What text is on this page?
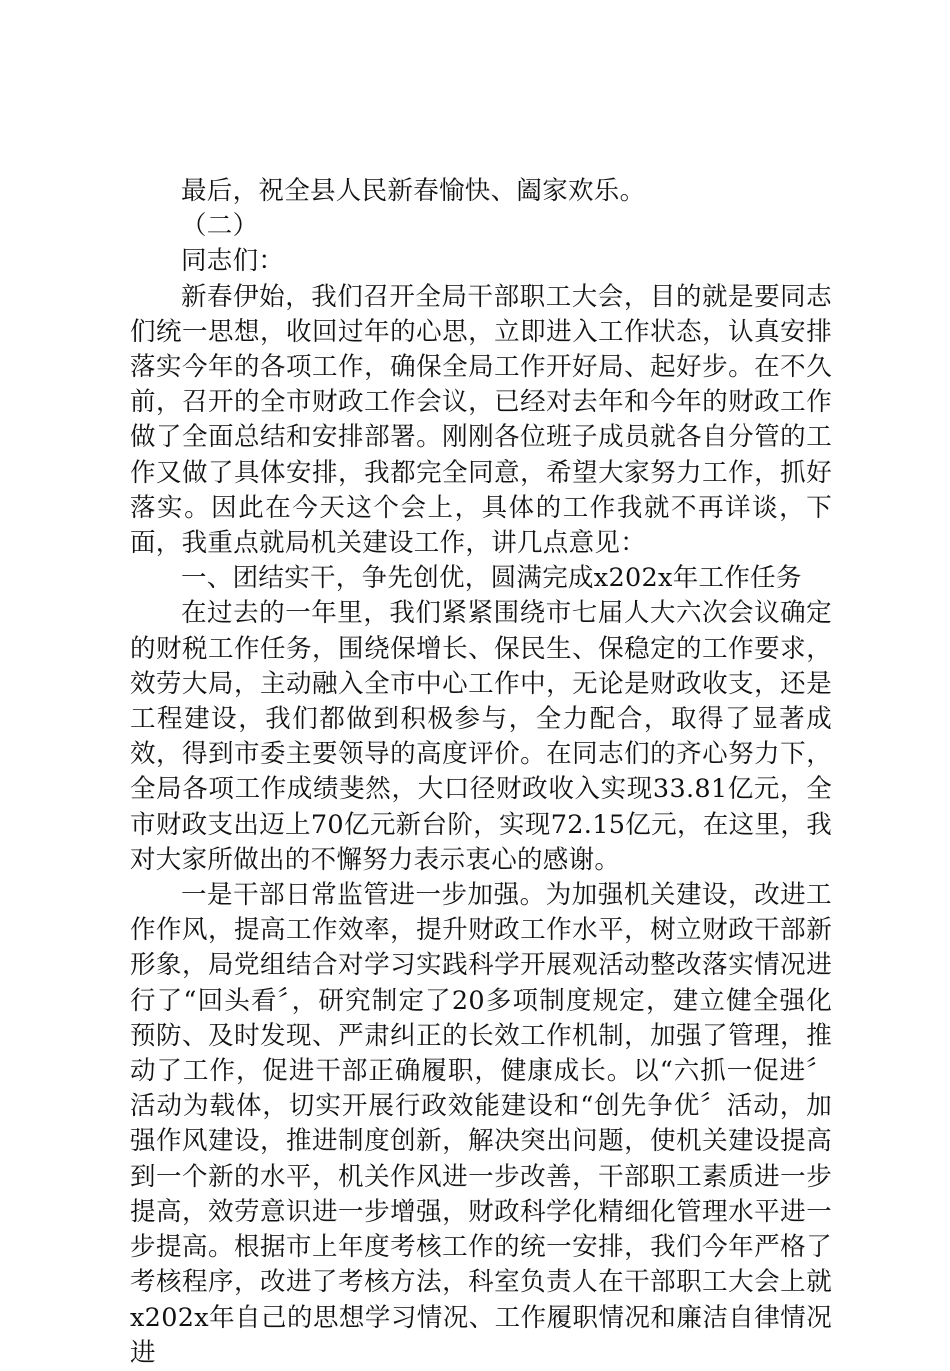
最后，祝全县人民新春愉快、阖家欢乐。

（二）

同志们：

新春伊始，我们召开全局干部职工大会，目的就是要同志们统一思想，收回过年的心思，立即进入工作状态，认真安排落实今年的各项工作，确保全局工作开好局、起好步。在不久前，召开的全市财政工作会议，已经对去年和今年的财政工作做了全面总结和安排部署。刚刚各位班子成员就各自分管的工作又做了具体安排，我都完全同意，希望大家努力工作，抓好落实。因此在今天这个会上，具体的工作我就不再详谈，下面，我重点就局机关建设工作，讲几点意见：

一、团结实干，争先创优，圆满完成x202x年工作任务

在过去的一年里，我们紧紧围绕市七届人大六次会议确定的财税工作任务，围绕保增长、保民生、保稳定的工作要求，效劳大局，主动融入全市中心工作中，无论是财政收支，还是工程建设，我们都做到积极参与，全力配合，取得了显著成效，得到市委主要领导的高度评价。在同志们的齐心努力下，全局各项工作成绩斐然，大口径财政收入实现33.81亿元，全市财政支出迈上70亿元新台阶，实现72.15亿元，在这里，我对大家所做出的不懈努力表示衷心的感谢。

一是干部日常监管进一步加强。为加强机关建设，改进工作作风，提高工作效率，提升财政工作水平，树立财政干部新形象，局党组结合对学习实践科学开展观活动整改落实情况进行了“回头看〞，研究制定了20多项制度规定，建立健全强化预防、及时发现、严肃纠正的长效工作机制，加强了管理，推动了工作，促进干部正确履职，健康成长。以“六抓一促进〞活动为载体，切实开展行政效能建设和“创先争优〞活动，加强作风建设，推进制度创新，解决突出问题，使机关建设提高到一个新的水平，机关作风进一步改善，干部职工素质进一步提高，效劳意识进一步增强，财政科学化精细化管理水平进一步提高。根据市上年度考核工作的统一安排，我们今年严格了考核程序，改进了考核方法，科室负责人在干部职工大会上就x202x年自己的思想学习情况、工作履职情况和廉洁自律情况进
